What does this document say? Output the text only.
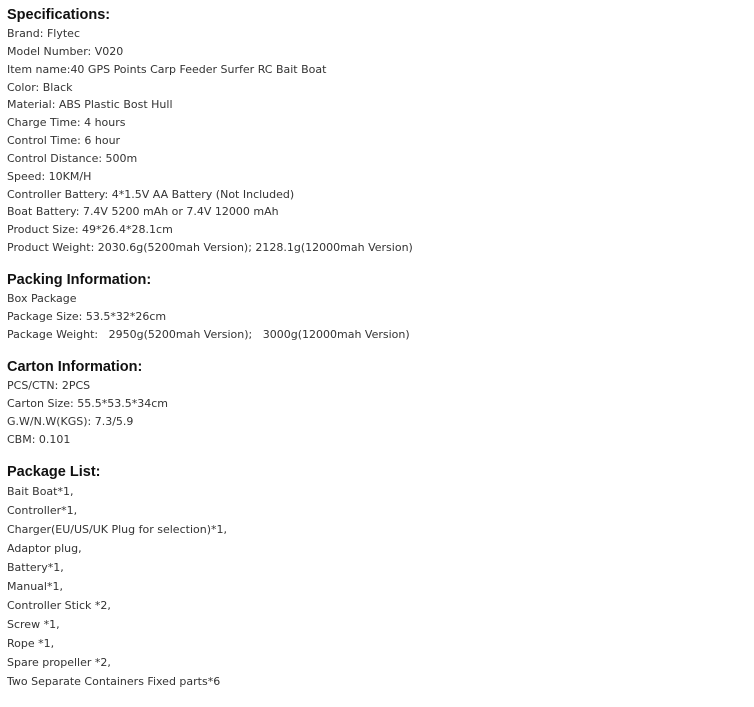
Specifications:
Brand: Flytec
Model Number: V020
Item name:40 GPS Points Carp Feeder Surfer RC Bait Boat
Color: Black
Material: ABS Plastic Bost Hull
Charge Time: 4 hours
Control Time: 6 hour
Control Distance: 500m
Speed: 10KM/H
Controller Battery: 4*1.5V AA Battery (Not Included)
Boat Battery: 7.4V 5200 mAh or 7.4V 12000 mAh
Product Size: 49*26.4*28.1cm
Product Weight: 2030.6g(5200mah Version); 2128.1g(12000mah Version)
Packing Information:
Box Package
Package Size: 53.5*32*26cm
Package Weight:   2950g(5200mah Version);   3000g(12000mah Version)
Carton Information:
PCS/CTN: 2PCS
Carton Size: 55.5*53.5*34cm
G.W/N.W(KGS): 7.3/5.9
CBM: 0.101
Package List:
Bait Boat*1,
Controller*1,
Charger(EU/US/UK Plug for selection)*1,
Adaptor plug,
Battery*1,
Manual*1,
Controller Stick *2,
Screw *1,
Rope *1,
Spare propeller *2,
Two Separate Containers Fixed parts*6
